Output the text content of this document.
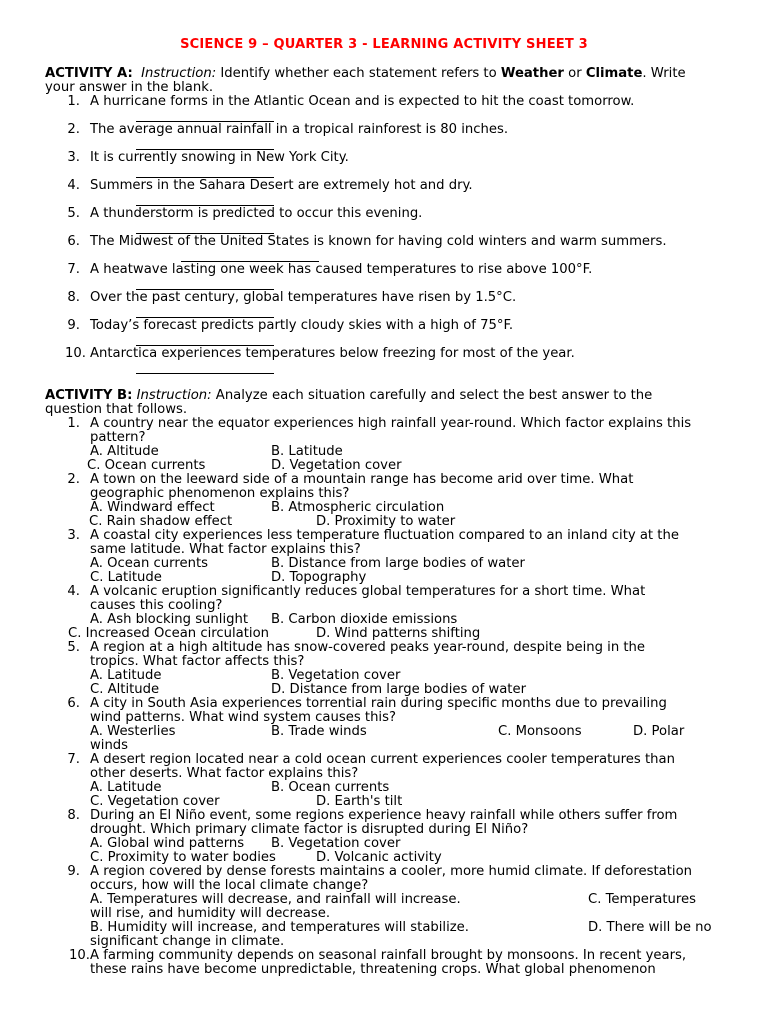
SCIENCE 9 – QUARTER 3 - LEARNING ACTIVITY SHEET 3
ACTIVITY A: Instruction: Identify whether each statement refers to Weather or Climate. Write
your answer in the blank.
1. A hurricane forms in the Atlantic Ocean and is expected to hit the coast tomorrow.
2. The average annual rainfall in a tropical rainforest is 80 inches.
3. It is currently snowing in New York City.
4. Summers in the Sahara Desert are extremely hot and dry.
5. A thunderstorm is predicted to occur this evening.
6. The Midwest of the United States is known for having cold winters and warm summers.
7. A heatwave lasting one week has caused temperatures to rise above 100°F.
8. Over the past century, global temperatures have risen by 1.5°C.
9. Today’s forecast predicts partly cloudy skies with a high of 75°F.
10. Antarctica experiences temperatures below freezing for most of the year.
ACTIVITY B: Instruction: Analyze each situation carefully and select the best answer to the
question that follows.
1. A country near the equator experiences high rainfall year-round. Which factor explains this
pattern?
A. Altitude	B. Latitude
C. Ocean currents	D. Vegetation cover
2. A town on the leeward side of a mountain range has become arid over time. What
geographic phenomenon explains this?
A. Windward effect	B. Atmospheric circulation
C. Rain shadow effect	D. Proximity to water
3. A coastal city experiences less temperature fluctuation compared to an inland city at the
same latitude. What factor explains this?
A. Ocean currents	B. Distance from large bodies of water
C. Latitude	D. Topography
4. A volcanic eruption significantly reduces global temperatures for a short time. What
causes this cooling?
A. Ash blocking sunlight B. Carbon dioxide emissions
C. Increased Ocean circulation	D. Wind patterns shifting
5. A region at a high altitude has snow-covered peaks year-round, despite being in the
tropics. What factor affects this?
A. Latitude	B. Vegetation cover
C. Altitude	D. Distance from large bodies of water
6. A city in South Asia experiences torrential rain during specific months due to prevailing
wind patterns. What wind system causes this?
A. Westerlies	B. Trade winds	C. Monsoons	D. Polar
winds
7. A desert region located near a cold ocean current experiences cooler temperatures than
other deserts. What factor explains this?
A. Latitude	B. Ocean currents
C. Vegetation cover	D. Earth's tilt
8. During an El Niño event, some regions experience heavy rainfall while others suffer from
drought. Which primary climate factor is disrupted during El Niño?
A. Global wind patterns B. Vegetation cover
C. Proximity to water bodies	D. Volcanic activity
9. A region covered by dense forests maintains a cooler, more humid climate. If deforestation
occurs, how will the local climate change?
A. Temperatures will decrease, and rainfall will increase.	C. Temperatures
will rise, and humidity will decrease.
B. Humidity will increase, and temperatures will stabilize.	D. There will be no
significant change in climate.
10. A farming community depends on seasonal rainfall brought by monsoons. In recent years,
these rains have become unpredictable, threatening crops. What global phenomenon
